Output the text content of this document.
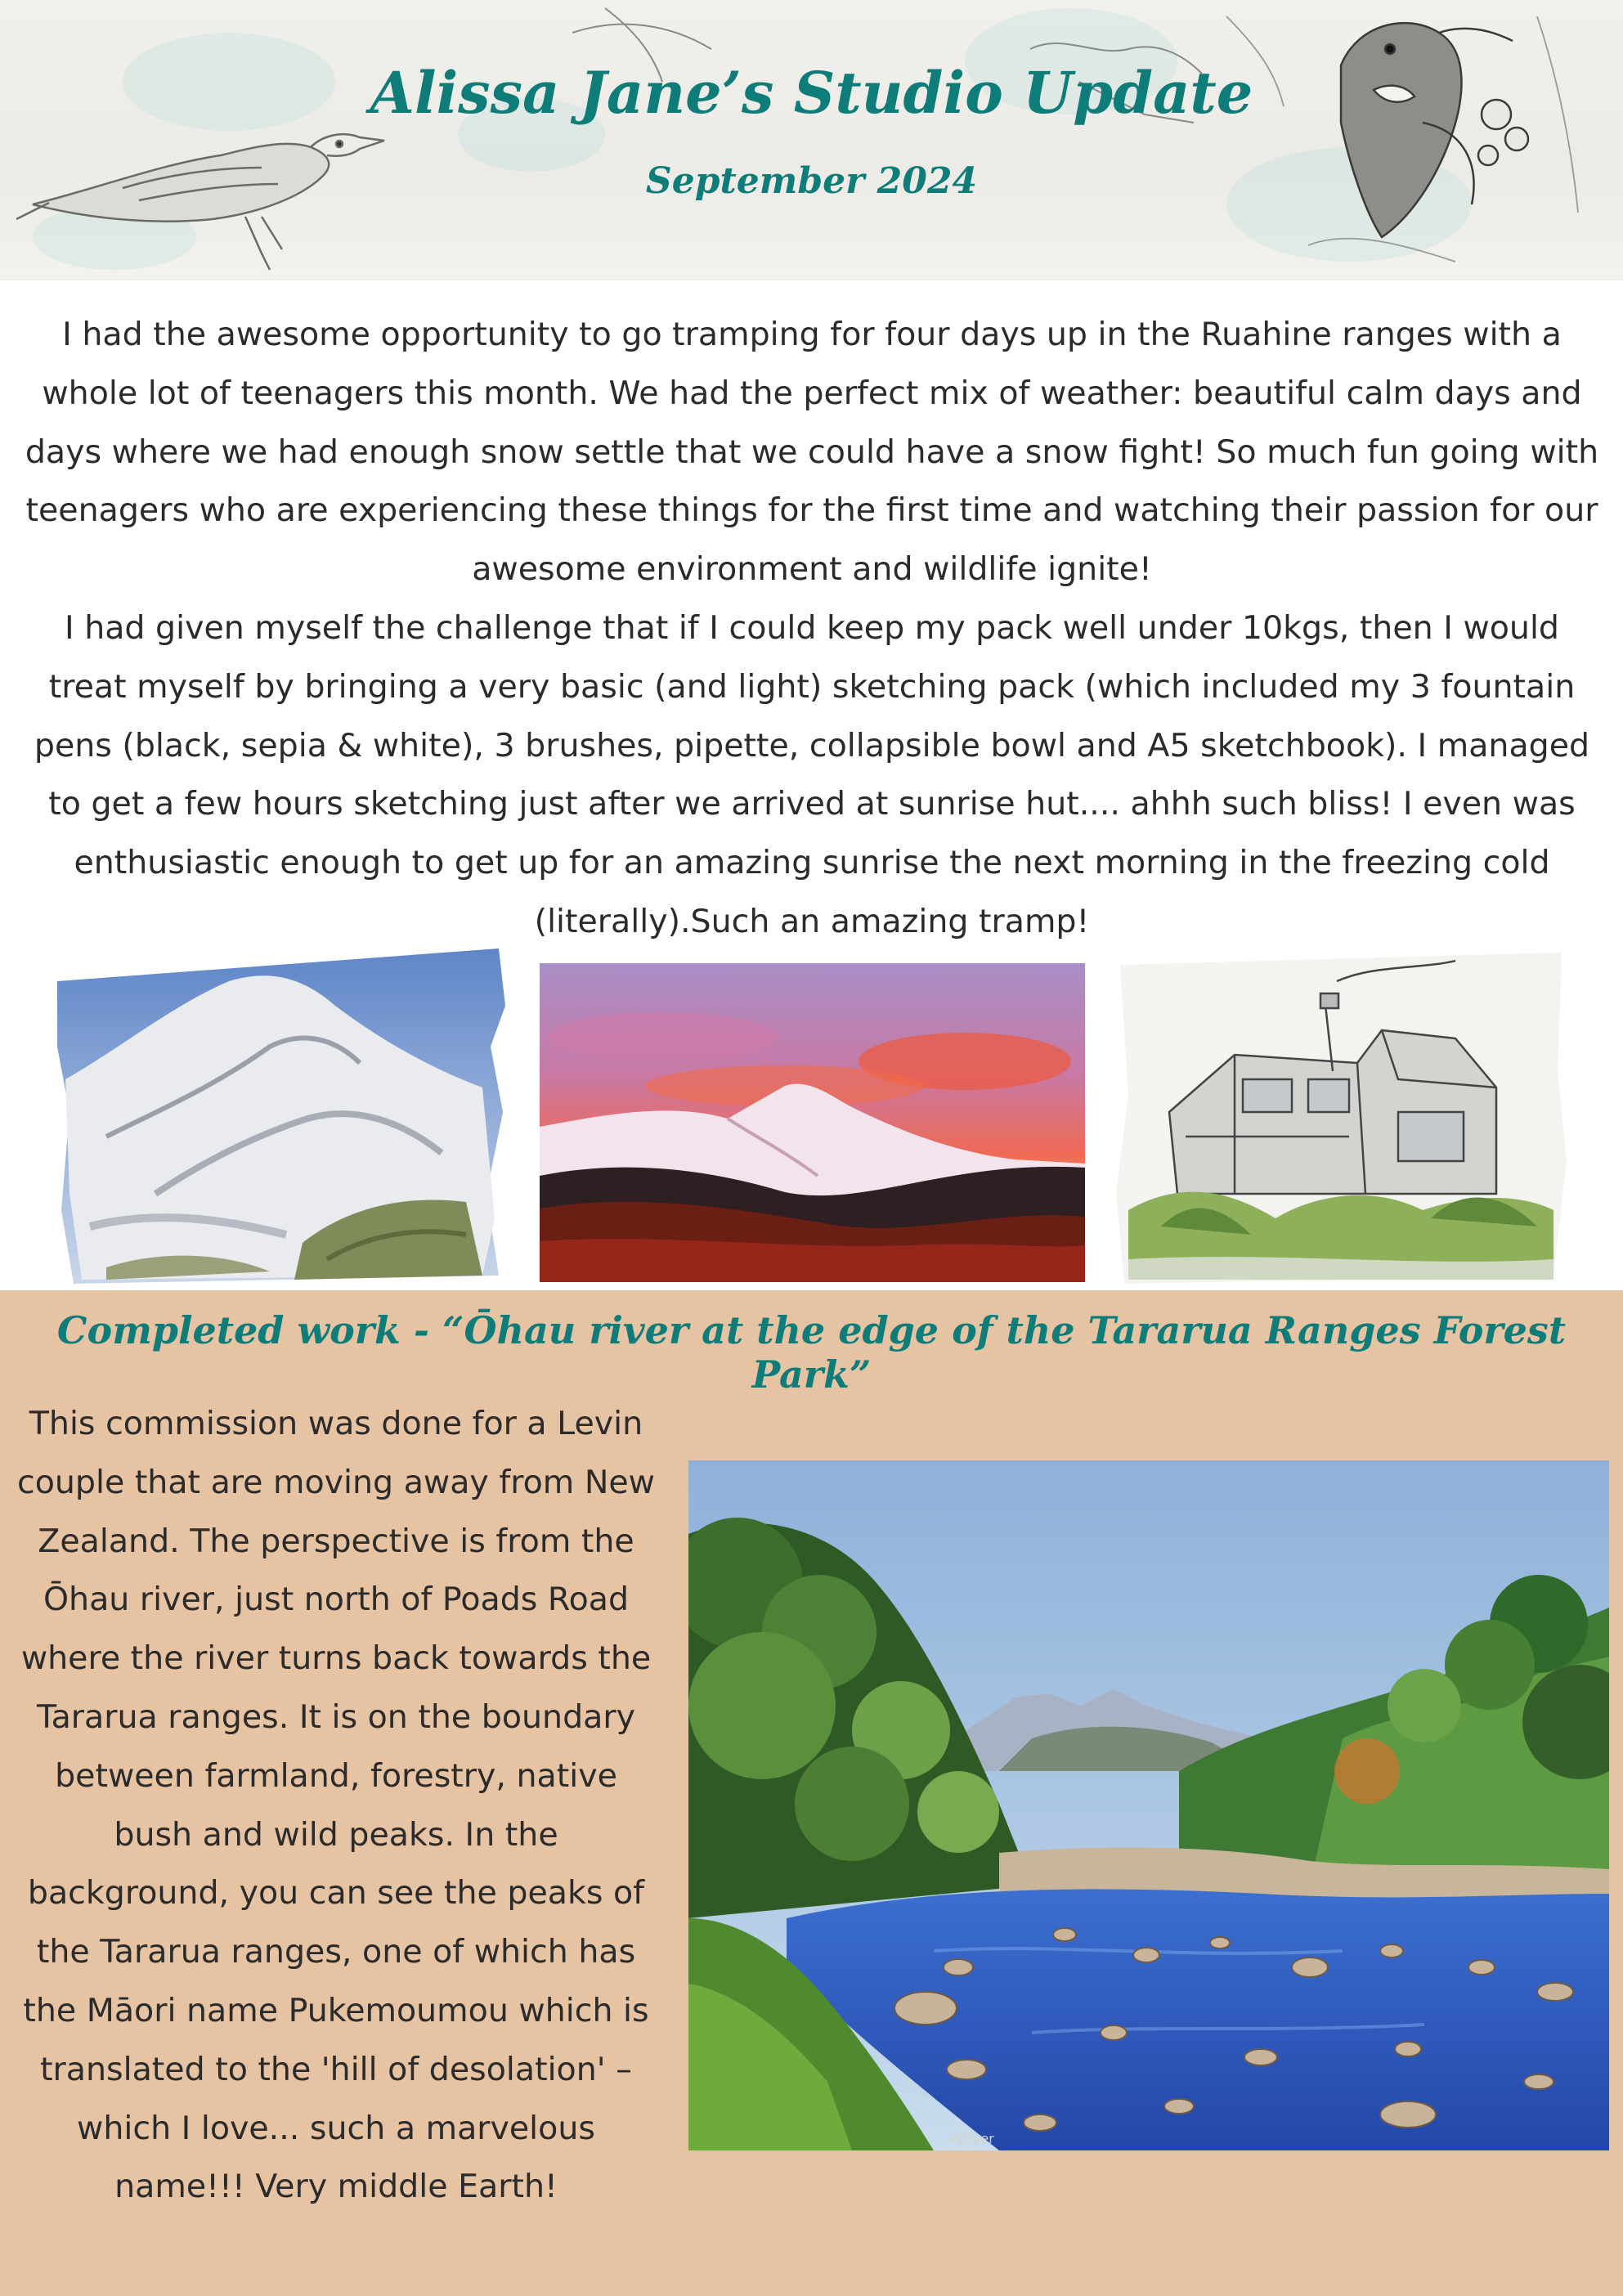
Alissa Jane’s Studio Update
September 2024
I had the awesome opportunity to go tramping for four days up in the Ruahine ranges with a whole lot of teenagers this month. We had the perfect mix of weather: beautiful calm days and days where we had enough snow settle that we could have a snow fight! So much fun going with teenagers who are experiencing these things for the first time and watching their passion for our awesome environment and wildlife ignite!
I had given myself the challenge that if I could keep my pack well under 10kgs, then I would treat myself by bringing a very basic (and light) sketching pack (which included my 3 fountain pens (black, sepia & white), 3 brushes, pipette, collapsible bowl and A5 sketchbook). I managed to get a few hours sketching just after we arrived at sunrise hut.... ahhh such bliss! I even was enthusiastic enough to get up for an amazing sunrise the next morning in the freezing cold (literally).Such an amazing tramp!
Completed work - “Ōhau river at the edge of the Tararua Ranges Forest Park”

This commission was done for a Levin couple that are moving away from New Zealand. The perspective is from the Ōhau river, just north of Poads Road where the river turns back towards the Tararua ranges. It is on the boundary between farmland, forestry, native bush and wild peaks. In the background, you can see the peaks of the Tararua ranges, one of which has the Māori name Pukemoumou which is translated to the 'hill of desolation' – which I love... such a marvelous name!!! Very middle Earth!

AJDyer
